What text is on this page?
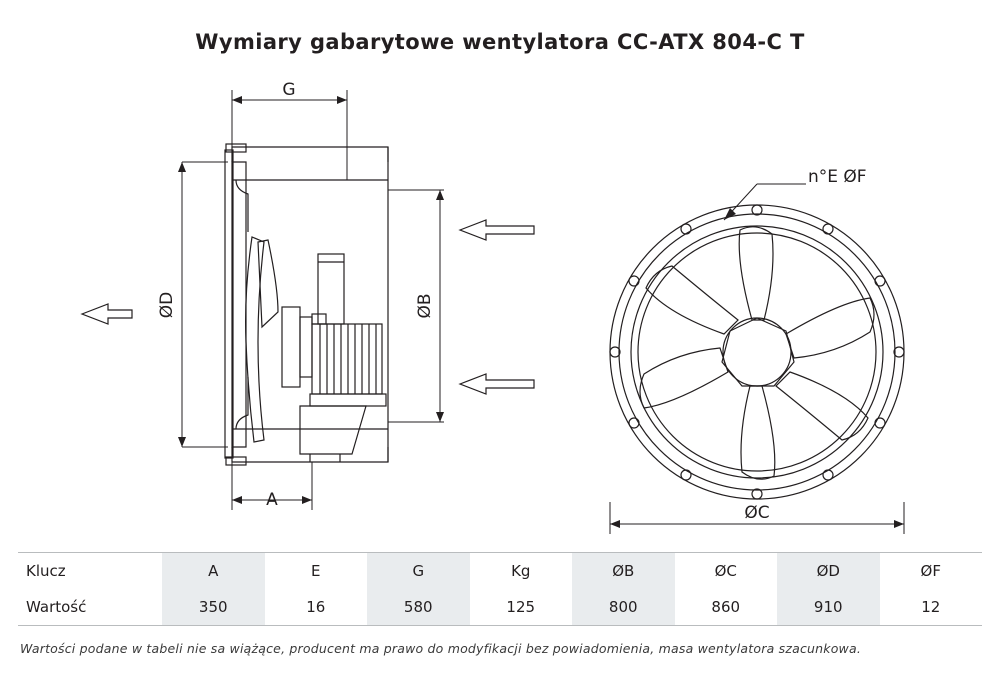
Wymiary gabarytowe wentylatora CC-ATX 804-C T
G
A
ØD	ØB
ØC
n°E ØF
Klucz	A	E	G	Kg	ØB	ØC	ØD	ØF
Wartość	350	16	580	125	800	860	910	12
Wartości podane w tabeli nie sa wiążące, producent ma prawo do modyfikacji bez powiadomienia, masa wentylatora szacunkowa.
